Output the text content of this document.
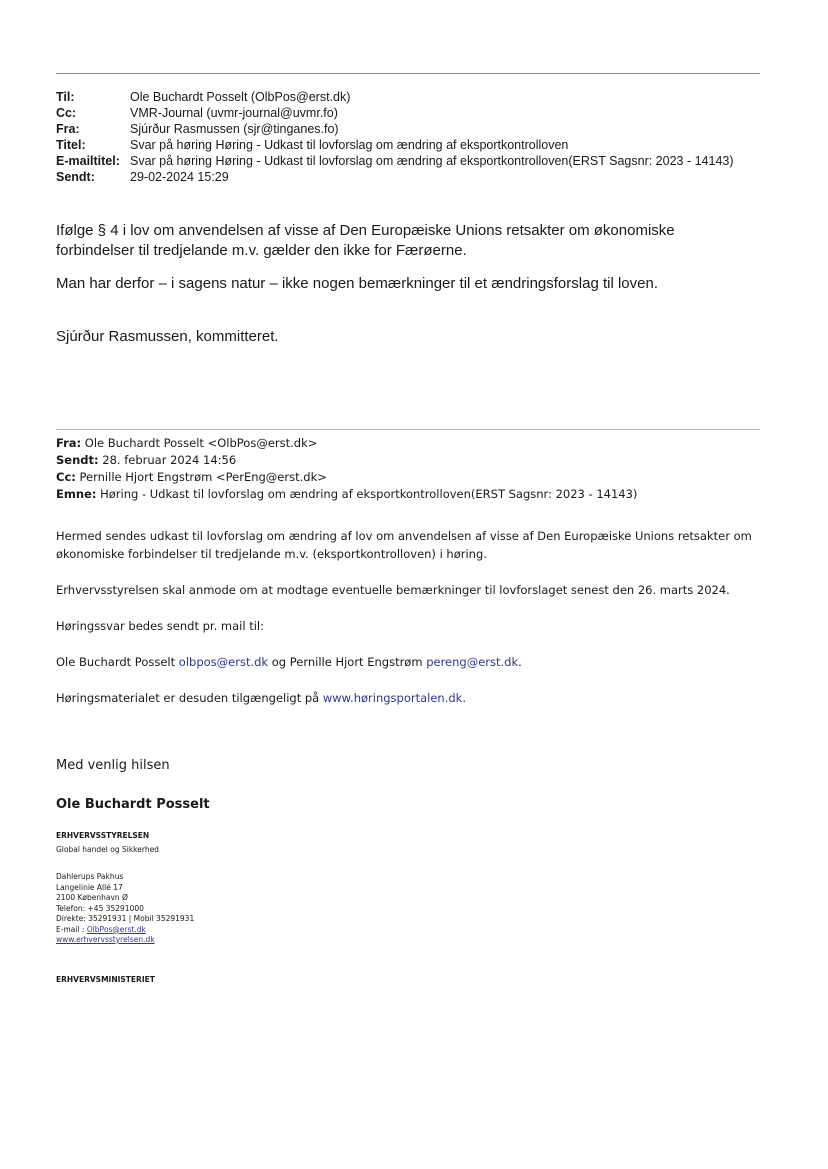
Til:	Ole Buchardt Posselt (OlbPos@erst.dk)
Cc:	VMR-Journal (uvmr-journal@uvmr.fo)
Fra:	Sjúrður Rasmussen (sjr@tinganes.fo)
Titel:	Svar på høring Høring - Udkast til lovforslag om ændring af eksportkontrolloven
E-mailtitel: Svar på høring Høring - Udkast til lovforslag om ændring af eksportkontrolloven(ERST Sagsnr: 2023 - 14143)
Sendt:	29-02-2024 15:29
Ifølge § 4 i lov om anvendelsen af visse af Den Europæiske Unions retsakter om økonomiske forbindelser til tredjelande m.v. gælder den ikke for Færøerne.
Man har derfor – i sagens natur – ikke nogen bemærkninger til et ændringsforslag til loven.
Sjúrður Rasmussen, kommitteret.
Fra: Ole Buchardt Posselt <OlbPos@erst.dk>
Sendt: 28. februar 2024 14:56
Cc: Pernille Hjort Engstrøm <PerEng@erst.dk>
Emne: Høring - Udkast til lovforslag om ændring af eksportkontrolloven(ERST Sagsnr: 2023 - 14143)
Hermed sendes udkast til lovforslag om ændring af lov om anvendelsen af visse af Den Europæiske Unions retsakter om økonomiske forbindelser til tredjelande m.v. (eksportkontrolloven) i høring.
Erhvervsstyrelsen skal anmode om at modtage eventuelle bemærkninger til lovforslaget senest den 26. marts 2024.
Høringssvar bedes sendt pr. mail til:
Ole Buchardt Posselt olbpos@erst.dk og Pernille Hjort Engstrøm pereng@erst.dk.
Høringsmaterialet er desuden tilgængeligt på www.høringsportalen.dk.
Med venlig hilsen
Ole Buchardt Posselt
ERHVERVSSTYRELSEN
Global handel og Sikkerhed
Dahlerups Pakhus
Langelinie Allé 17
2100 København Ø
Telefon: +45 35291000
Direkte: 35291931 | Mobil 35291931
E-mail : OlbPos@erst.dk
www.erhvervsstyrelsen.dk
ERHVERVSMINISTERIET
